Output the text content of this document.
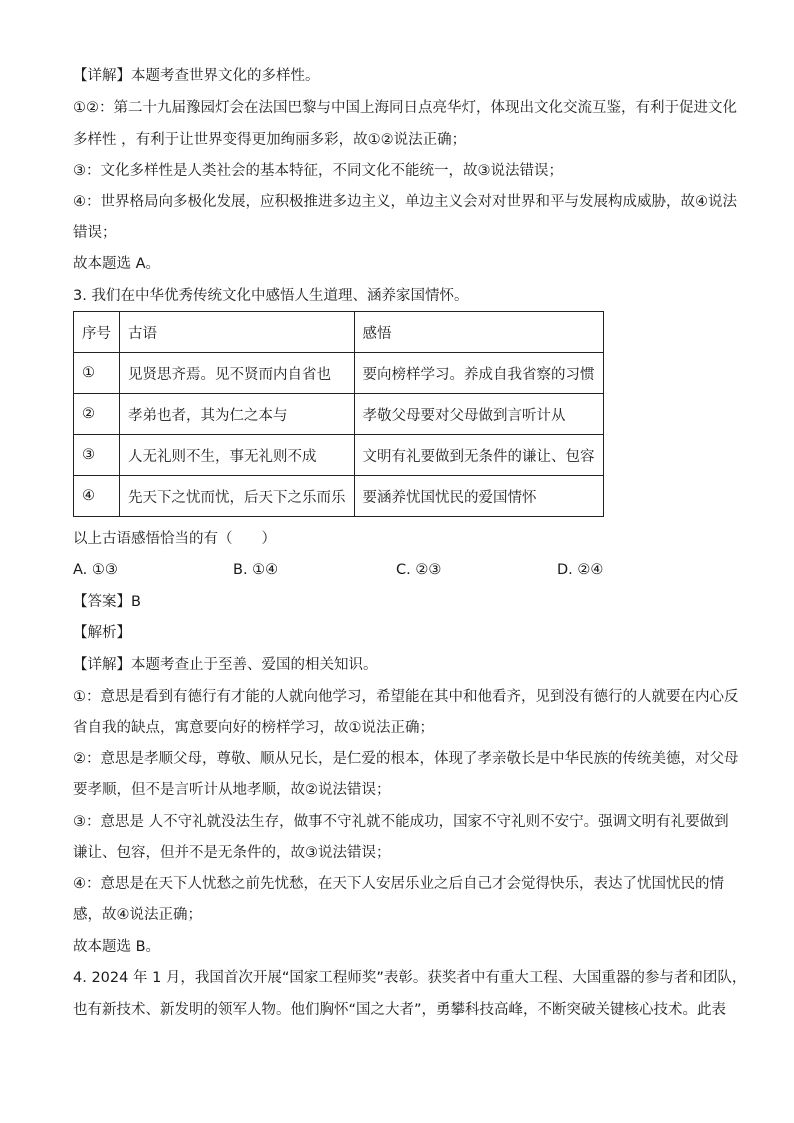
【详解】本题考查世界文化的多样性。
①②：第二十九届豫园灯会在法国巴黎与中国上海同日点亮华灯，体现出文化交流互鉴，有利于促进文化
多样性 ，有利于让世界变得更加绚丽多彩，故①②说法正确；
③：文化多样性是人类社会的基本特征，不同文化不能统一，故③说法错误；
④：世界格局向多极化发展，应积极推进多边主义，单边主义会对对世界和平与发展构成威胁，故④说法
错误；
故本题选 A。
3. 我们在中华优秀传统文化中感悟人生道理、涵养家国情怀。
序号	古语	感悟
①	见贤思齐焉。见不贤而内自省也	要向榜样学习。养成自我省察的习惯
②	孝弟也者，其为仁之本与	孝敬父母要对父母做到言听计从
③	人无礼则不生，事无礼则不成	文明有礼要做到无条件的谦让、包容
④	先天下之忧而忧，后天下之乐而乐	要涵养忧国忧民的爱国情怀
以上古语感悟恰当的有（　　）
A. ①③	B. ①④	C. ②③	D. ②④
【答案】B
【解析】
【详解】本题考查止于至善、爱国的相关知识。
①：意思是看到有德行有才能的人就向他学习，希望能在其中和他看齐，见到没有德行的人就要在内心反
省自我的缺点，寓意要向好的榜样学习，故①说法正确；
②：意思是孝顺父母，尊敬、顺从兄长，是仁爱的根本，体现了孝亲敬长是中华民族的传统美德，对父母
要孝顺，但不是言听计从地孝顺，故②说法错误；
③：意思是 人不守礼就没法生存，做事不守礼就不能成功，国家不守礼则不安宁。强调文明有礼要做到
谦让、包容，但并不是无条件的，故③说法错误；
④：意思是在天下人忧愁之前先忧愁，在天下人安居乐业之后自己才会觉得快乐，表达了忧国忧民的情
感，故④说法正确；
故本题选 B。
4. 2024 年 1 月，我国首次开展“国家工程师奖”表彰。获奖者中有重大工程、大国重器的参与者和团队，
也有新技术、新发明的领军人物。他们胸怀“国之大者”，勇攀科技高峰，不断突破关键核心技术。此表
